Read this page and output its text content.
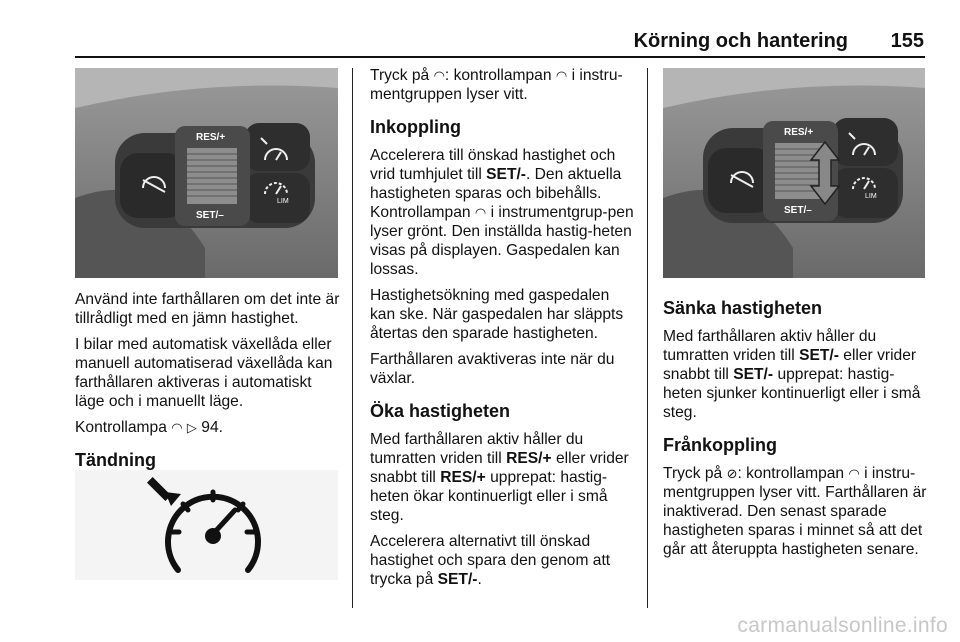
Körning och hantering 155
RES/+
SET/–
LIM

Använd inte farthållaren om det inte är tillrådligt med en jämn hastighet.

I bilar med automatisk växellåda eller manuell automatiserad växellåda kan farthållaren aktiveras i automatiskt läge och i manuellt läge.

Kontrollampa ◠ ▷ 94.

Tändning

Tryck på ◠: kontrollampan ◠ i instru-mentgruppen lyser vitt.

Inkoppling

Accelerera till önskad hastighet och vrid tumhjulet till SET/-. Den aktuella hastigheten sparas och bibehålls. Kontrollampan ◠ i instrumentgrup-pen lyser grönt. Den inställda hastig-heten visas på displayen. Gaspedalen kan lossas.

Hastighetsökning med gaspedalen kan ske. När gaspedalen har släppts återtas den sparade hastigheten.

Farthållaren avaktiveras inte när du växlar.

Öka hastigheten

Med farthållaren aktiv håller du tumratten vriden till RES/+ eller vrider snabbt till RES/+ upprepat: hastig-heten ökar kontinuerligt eller i små steg.

Accelerera alternativt till önskad hastighet och spara den genom att trycka på SET/-.

RES/+
SET/–
LIM
Sänka hastigheten

Med farthållaren aktiv håller du tumratten vriden till SET/- eller vrider snabbt till SET/- upprepat: hastig-heten sjunker kontinuerligt eller i små steg.

Frånkoppling

Tryck på ⊘: kontrollampan ◠ i instru-mentgruppen lyser vitt. Farthållaren är inaktiverad. Den senast sparade hastigheten sparas i minnet så att det går att återuppta hastigheten senare.

carmanualsonline.info
